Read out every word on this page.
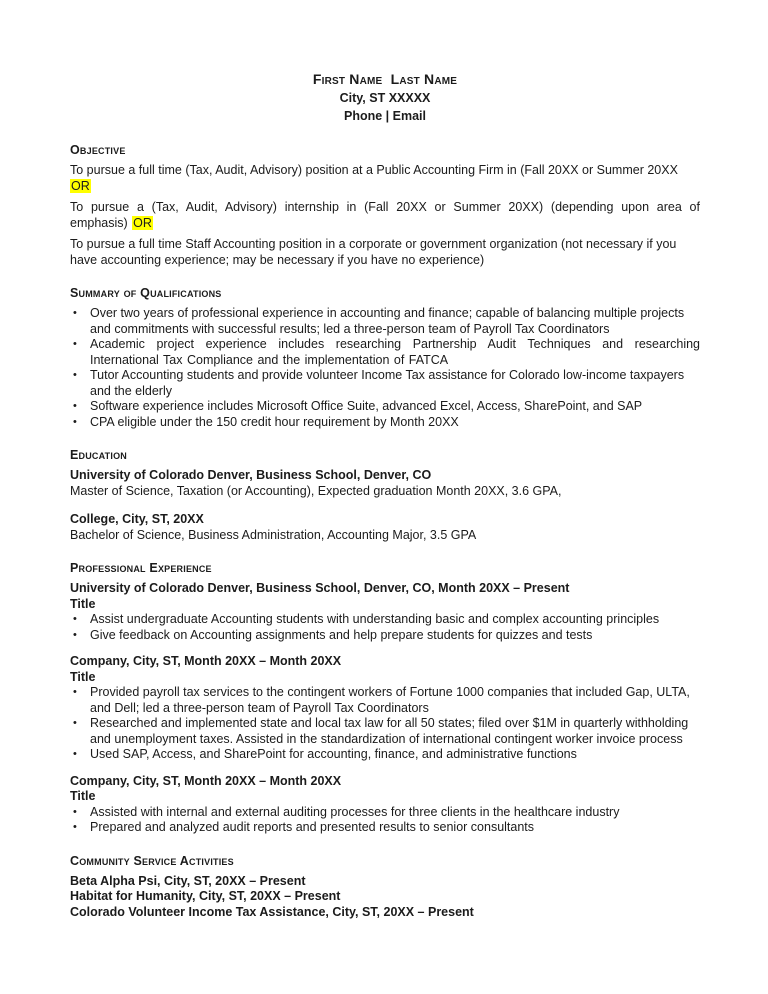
First Name  Last Name
City, ST XXXXX
Phone | Email
Objective

To pursue a full time (Tax, Audit, Advisory) position at a Public Accounting Firm in (Fall 20XX or Summer 20XX
OR

To pursue a (Tax, Audit, Advisory) internship in (Fall 20XX or Summer 20XX) (depending upon area of emphasis) OR

To pursue a full time Staff Accounting position in a corporate or government organization (not necessary if you have accounting experience; may be necessary if you have no experience)

Summary of Qualifications
• Over two years of professional experience in accounting and finance; capable of balancing multiple projects and commitments with successful results; led a three-person team of Payroll Tax Coordinators
• Academic project experience includes researching Partnership Audit Techniques and researching International Tax Compliance and the implementation of FATCA
• Tutor Accounting students and provide volunteer Income Tax assistance for Colorado low-income taxpayers and the elderly
• Software experience includes Microsoft Office Suite, advanced Excel, Access, SharePoint, and SAP
• CPA eligible under the 150 credit hour requirement by Month 20XX
Education

University of Colorado Denver, Business School, Denver, CO

Master of Science, Taxation (or Accounting), Expected graduation Month 20XX, 3.6 GPA,

College, City, ST, 20XX

Bachelor of Science, Business Administration, Accounting Major, 3.5 GPA

Professional Experience

University of Colorado Denver, Business School, Denver, CO, Month 20XX – Present

Title

• Assist undergraduate Accounting students with understanding basic and complex accounting principles
• Give feedback on Accounting assignments and help prepare students for quizzes and tests

Company, City, ST, Month 20XX – Month 20XX

Title

• Provided payroll tax services to the contingent workers of Fortune 1000 companies that included Gap, ULTA, and Dell; led a three-person team of Payroll Tax Coordinators
• Researched and implemented state and local tax law for all 50 states; filed over $1M in quarterly withholding and unemployment taxes. Assisted in the standardization of international contingent worker invoice process
• Used SAP, Access, and SharePoint for accounting, finance, and administrative functions

Company, City, ST, Month 20XX – Month 20XX

Title

• Assisted with internal and external auditing processes for three clients in the healthcare industry
• Prepared and analyzed audit reports and presented results to senior consultants
Community Service Activities

Beta Alpha Psi, City, ST, 20XX – Present

Habitat for Humanity, City, ST, 20XX – Present

Colorado Volunteer Income Tax Assistance, City, ST, 20XX – Present
